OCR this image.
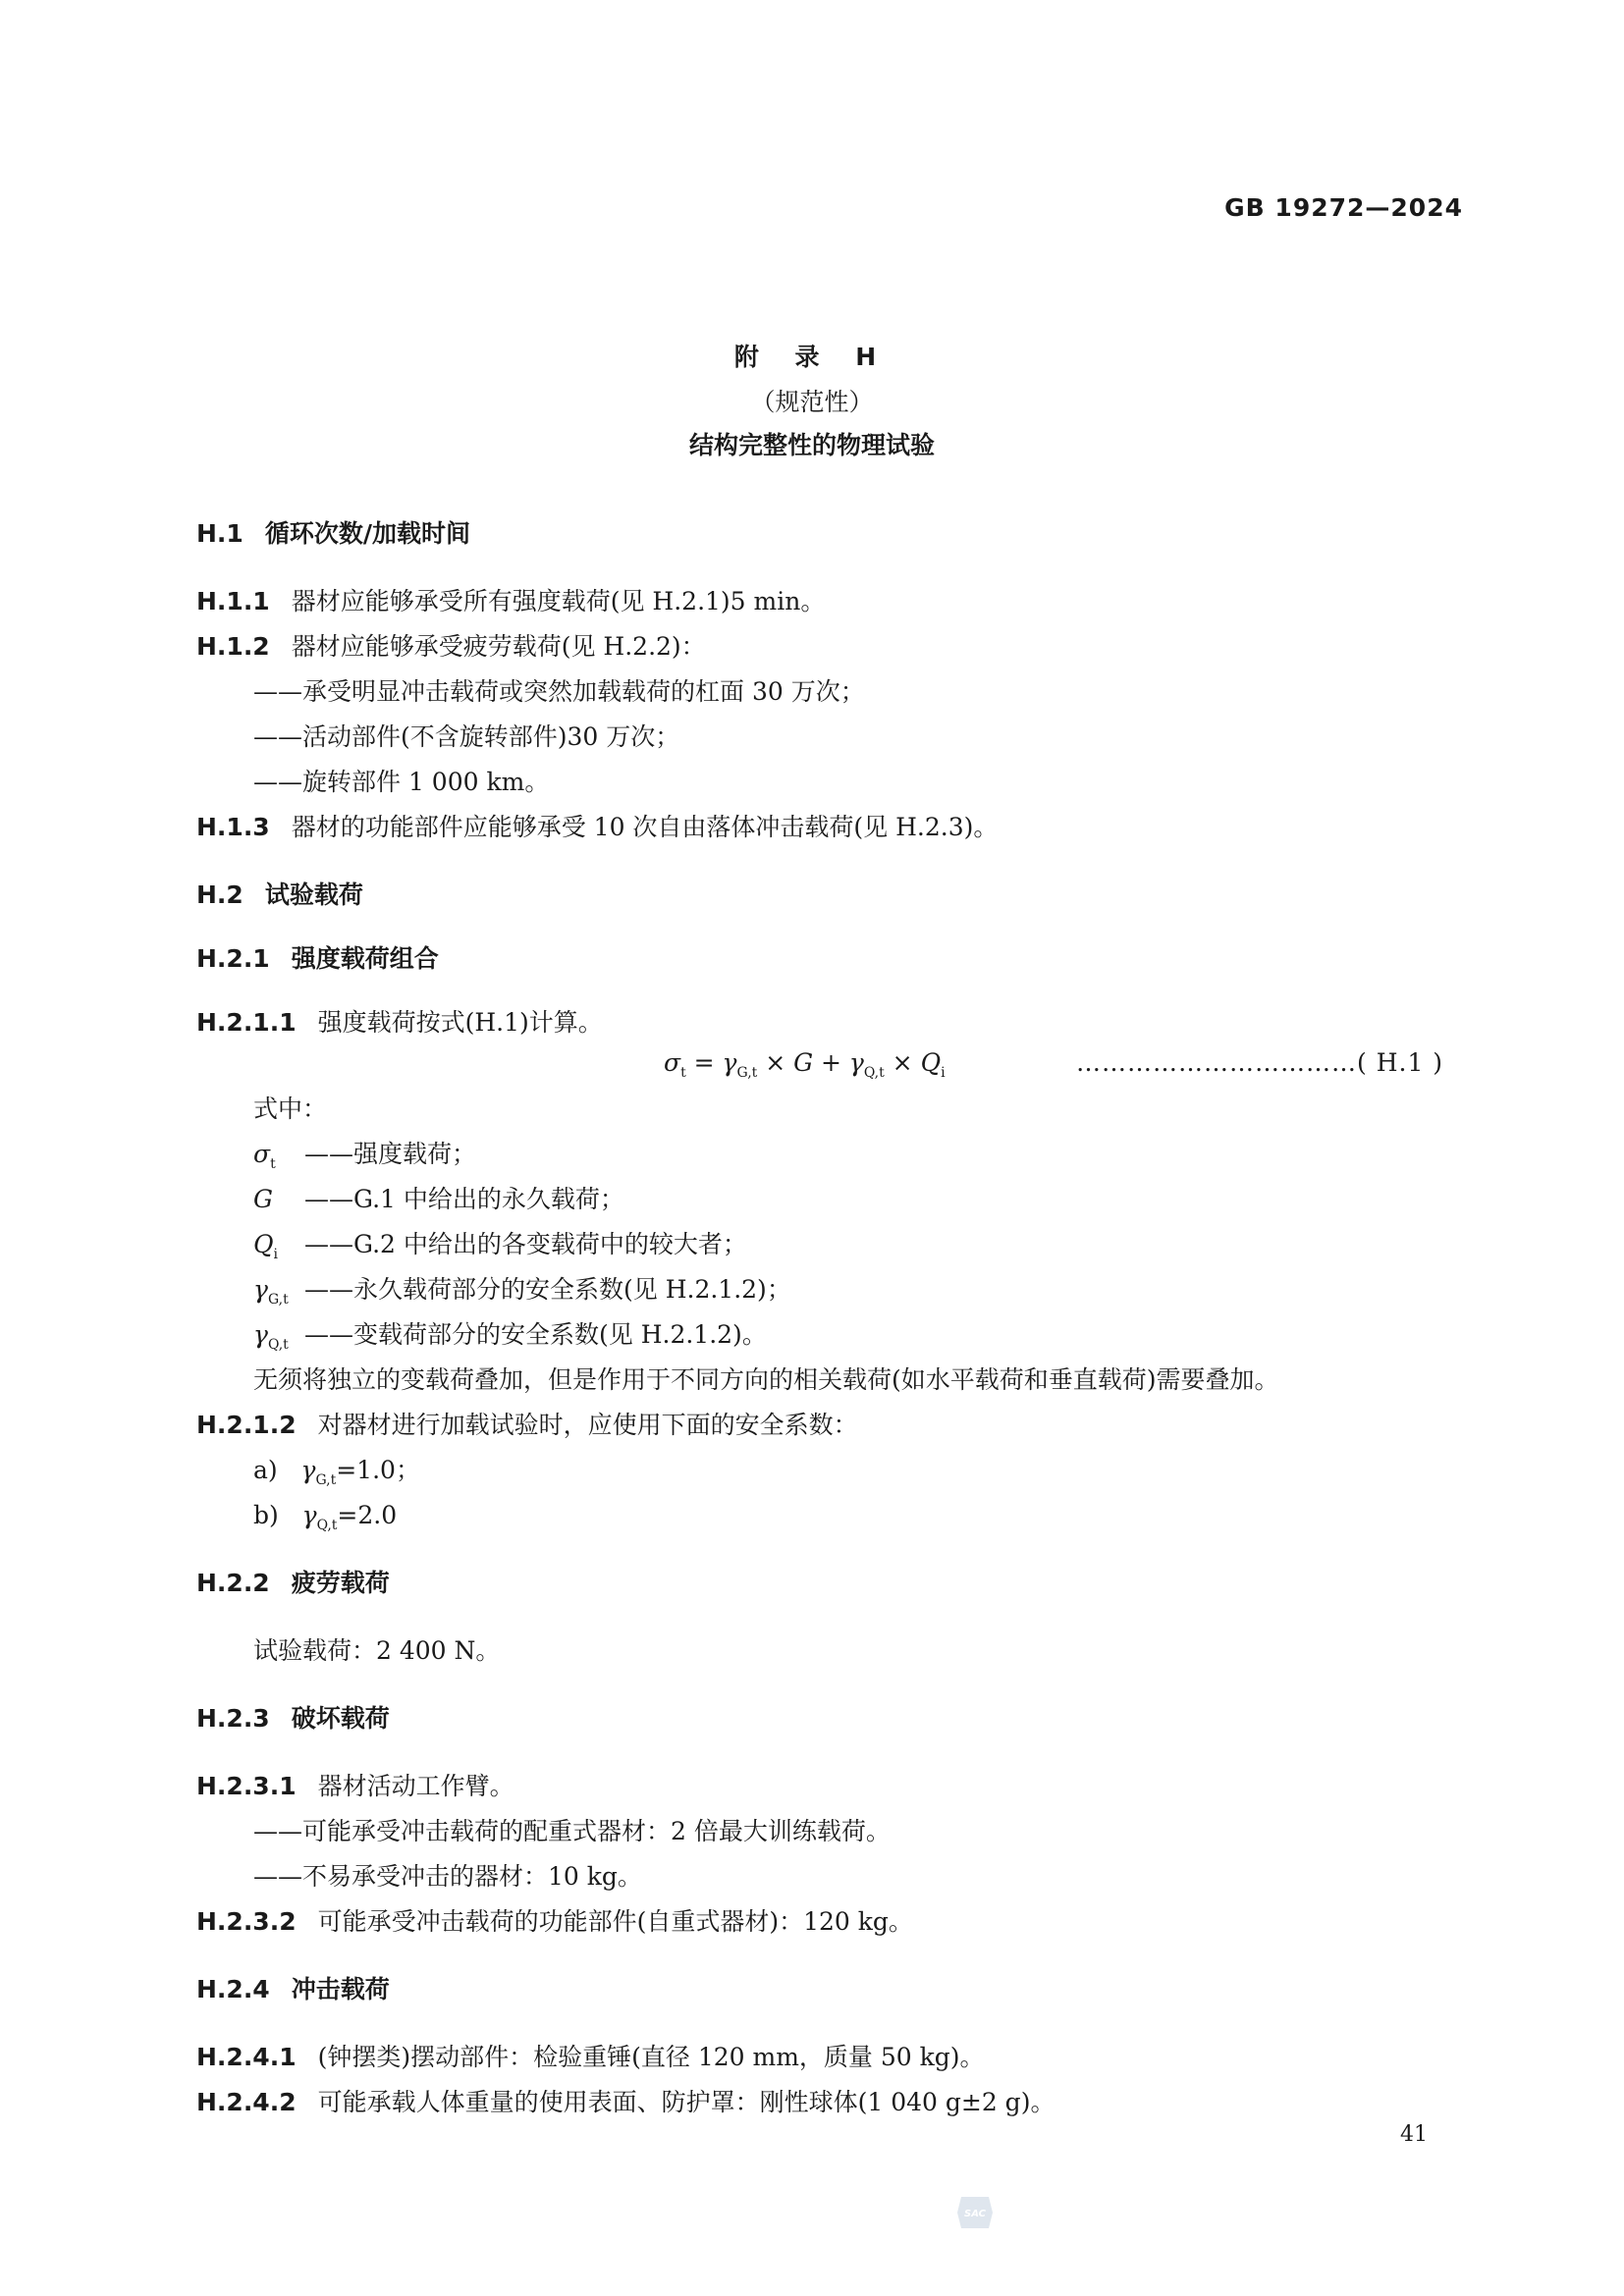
GB 19272—2024
附 录 H
（规范性）
结构完整性的物理试验
H.1 循环次数/加载时间
H.1.1 器材应能够承受所有强度载荷(见 H.2.1)5 min。
H.1.2 器材应能够承受疲劳载荷(见 H.2.2)：
——承受明显冲击载荷或突然加载载荷的杠面 30 万次；
——活动部件(不含旋转部件)30 万次；
——旋转部件 1 000 km。
H.1.3 器材的功能部件应能够承受 10 次自由落体冲击载荷(见 H.2.3)。
H.2 试验载荷
H.2.1 强度载荷组合
H.2.1.1 强度载荷按式(H.1)计算。
$\sigma_t = \gamma_{G,t} \times G + \gamma_{Q,t} \times Q_i$	……………………………( H.1 )
式中：
$\sigma_t$ ——强度载荷；
G ——G.1 中给出的永久载荷；
$Q_i$ ——G.2 中给出的各变载荷中的较大者；
$\gamma_{G,t}$ ——永久载荷部分的安全系数(见 H.2.1.2)；
$\gamma_{Q,t}$ ——变载荷部分的安全系数(见 H.2.1.2)。
无须将独立的变载荷叠加，但是作用于不同方向的相关载荷(如水平载荷和垂直载荷)需要叠加。
H.2.1.2 对器材进行加载试验时，应使用下面的安全系数：
a) $\gamma_{G,t}=1.0$；
b) $\gamma_{Q,t}=2.0$
H.2.2 疲劳载荷
试验载荷：2 400 N。
H.2.3 破坏载荷
H.2.3.1 器材活动工作臂。
——可能承受冲击载荷的配重式器材：2 倍最大训练载荷。
——不易承受冲击的器材：10 kg。
H.2.3.2 可能承受冲击载荷的功能部件(自重式器材)：120 kg。
H.2.4 冲击载荷
H.2.4.1 (钟摆类)摆动部件：检验重锤(直径 120 mm，质量 50 kg)。
H.2.4.2 可能承载人体重量的使用表面、防护罩：刚性球体(1 040 g±2 g)。
41
SAC
